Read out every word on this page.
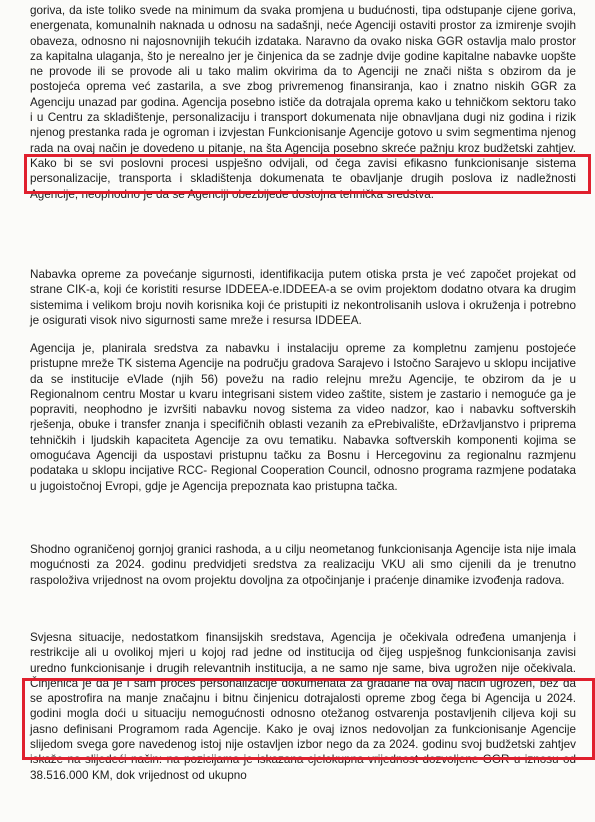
goriva, da iste toliko svede na minimum da svaka promjena u budućnosti, tipa odstupanje cijene goriva, energenata, komunalnih naknada u odnosu na sadašnji, neće Agenciji ostaviti prostor za izmirenje svojih obaveza, odnosno ni najosnovnijih tekućih izdataka. Naravno da ovako niska GGR ostavlja malo prostor za kapitalna ulaganja, što je nerealno jer je činjenica da se zadnje dvije godine kapitalne nabavke uopšte ne provode ili se provode ali u tako malim okvirima da to Agenciji ne znači ništa s obzirom da je postojeća oprema već zastarila, a sve zbog privremenog finansiranja, kao i znatno niskih GGR za Agenciju unazad par godina. Agencija posebno ističe da dotrajala oprema kako u tehničkom sektoru tako i u Centru za skladištenje, personalizaciju i transport dokumenata nije obnavljana dugi niz godina i rizik njenog prestanka rada je ogroman i izvjestan Funkcionisanje Agencije gotovo u svim segmentima njenog rada na ovaj način je dovedeno u pitanje, na šta Agencija posebno skreće pažnju kroz budžetski zahtjev. Kako bi se svi poslovni procesi uspješno odvijali, od čega zavisi efikasno funkcionisanje sistema personalizacije, transporta i skladištenja dokumenata te obavljanje drugih poslova iz nadležnosti Agencije, neophodno je da se Agenciji obezbijede dostojna tehnička sredstva.

Nabavka opreme za povećanje sigurnosti, identifikacija putem otiska prsta je već započet projekat od strane CIK-a, koji će koristiti resurse IDDEEA-e.IDDEEA-a se ovim projektom dodatno otvara ka drugim sistemima i velikom broju novih korisnika koji će pristupiti iz nekontrolisanih uslova i okruženja i potrebno je osigurati visok nivo sigurnosti same mreže i resursa IDDEEA.

Agencija je, planirala sredstva za nabavku i instalaciju opreme za kompletnu zamjenu postojeće pristupne mreže TK sistema Agencije na području gradova Sarajevo i Istočno Sarajevo u sklopu incijative da se institucije eVlade (njih 56) povežu na radio relejnu mrežu Agencije, te obzirom da je u Regionalnom centru Mostar u kvaru integrisani sistem video zaštite, sistem je zastario i nemoguće ga je popraviti, neophodno je izvršiti nabavku novog sistema za video nadzor, kao i nabavku softverskih rješenja, obuke i transfer znanja i specifičnih oblasti vezanih za ePrebivalište, eDržavljanstvo i priprema tehničkih i ljudskih kapaciteta Agencije za ovu tematiku. Nabavka softverskih komponenti kojima se omogućava Agenciji da uspostavi pristupnu tačku za Bosnu i Hercegovinu za regionalnu razmjenu podataka u sklopu incijative RCC- Regional Cooperation Council, odnosno programa razmjene podataka u jugoistočnoj Evropi, gdje je Agencija prepoznata kao pristupna tačka.

Shodno ograničenoj gornjoj granici rashoda, a u cilju neometanog funkcionisanja Agencije ista nije imala mogućnosti za 2024. godinu predvidjeti sredstva za realizaciju VKU ali smo cijenili da je trenutno raspoloživa vrijednost na ovom projektu dovoljna za otpočinjanje i praćenje dinamike izvođenja radova.

Svjesna situacije, nedostatkom finansijskih sredstava, Agencija je očekivala određena umanjenja i restrikcije ali u ovolikoj mjeri u kojoj rad jedne od institucija od čijeg uspješnog funkcionisanja zavisi uredno funkcionisanje i drugih relevantnih institucija, a ne samo nje same, biva ugrožen nije očekivala. Činjenica je da je i sam proces personalizacije dokumenata za građane na ovaj način ugrožen, bez da se apostrofira na manje značajnu i bitnu činjenicu dotrajalosti opreme zbog čega bi Agencija u 2024. godini mogla doći u situaciju nemogućnosti odnosno otežanog ostvarenja postavljenih ciljeva koji su jasno definisani Programom rada Agencije. Kako je ovaj iznos nedovoljan za funkcionisanje Agencije slijedom svega gore navedenog istoj nije ostavljen izbor nego da za 2024. godinu svoj budžetski zahtjev iskaže na slijedeći način: na pozicijama je iskazana cjelokupna vrijednost dozvoljene GGR u iznosu od 38.516.000 KM, dok vrijednost od ukupno
